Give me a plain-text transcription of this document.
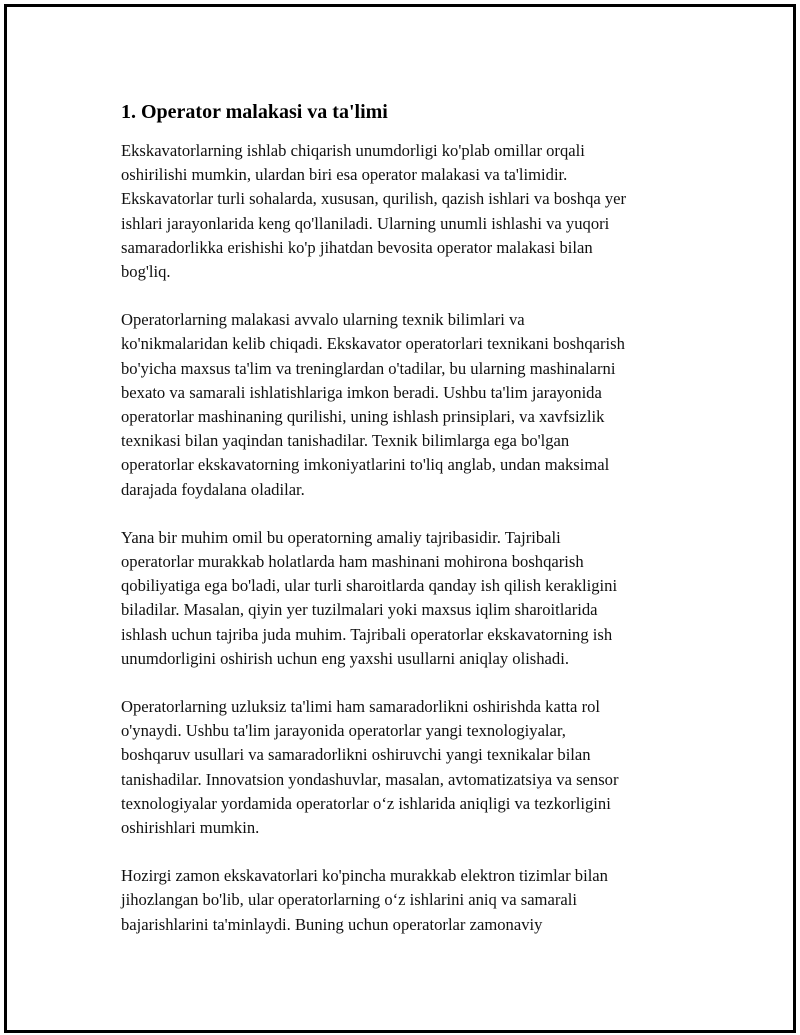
1. Operator malakasi va ta'limi

Ekskavatorlarning ishlab chiqarish unumdorligi ko'plab omillar orqali
oshirilishi mumkin, ulardan biri esa operator malakasi va ta'limidir.
Ekskavatorlar turli sohalarda, xususan, qurilish, qazish ishlari va boshqa yer
ishlari jarayonlarida keng qo'llaniladi. Ularning unumli ishlashi va yuqori
samaradorlikka erishishi ko'p jihatdan bevosita operator malakasi bilan
bog'liq.

Operatorlarning malakasi avvalo ularning texnik bilimlari va
ko'nikmalaridan kelib chiqadi. Ekskavator operatorlari texnikani boshqarish
bo'yicha maxsus ta'lim va treninglardan o'tadilar, bu ularning mashinalarni
bexato va samarali ishlatishlariga imkon beradi. Ushbu ta'lim jarayonida
operatorlar mashinaning qurilishi, uning ishlash prinsiplari, va xavfsizlik
texnikasi bilan yaqindan tanishadilar. Texnik bilimlarga ega bo'lgan
operatorlar ekskavatorning imkoniyatlarini to'liq anglab, undan maksimal
darajada foydalana oladilar.

Yana bir muhim omil bu operatorning amaliy tajribasidir. Tajribali
operatorlar murakkab holatlarda ham mashinani mohirona boshqarish
qobiliyatiga ega bo'ladi, ular turli sharoitlarda qanday ish qilish kerakligini
biladilar. Masalan, qiyin yer tuzilmalari yoki maxsus iqlim sharoitlarida
ishlash uchun tajriba juda muhim. Tajribali operatorlar ekskavatorning ish
unumdorligini oshirish uchun eng yaxshi usullarni aniqlay olishadi.

Operatorlarning uzluksiz ta'limi ham samaradorlikni oshirishda katta rol
o'ynaydi. Ushbu ta'lim jarayonida operatorlar yangi texnologiyalar,
boshqaruv usullari va samaradorlikni oshiruvchi yangi texnikalar bilan
tanishadilar. Innovatsion yondashuvlar, masalan, avtomatizatsiya va sensor
texnologiyalar yordamida operatorlar o‘z ishlarida aniqligi va tezkorligini
oshirishlari mumkin.

Hozirgi zamon ekskavatorlari ko'pincha murakkab elektron tizimlar bilan
jihozlangan bo'lib, ular operatorlarning o‘z ishlarini aniq va samarali
bajarishlarini ta'minlaydi. Buning uchun operatorlar zamonaviy
